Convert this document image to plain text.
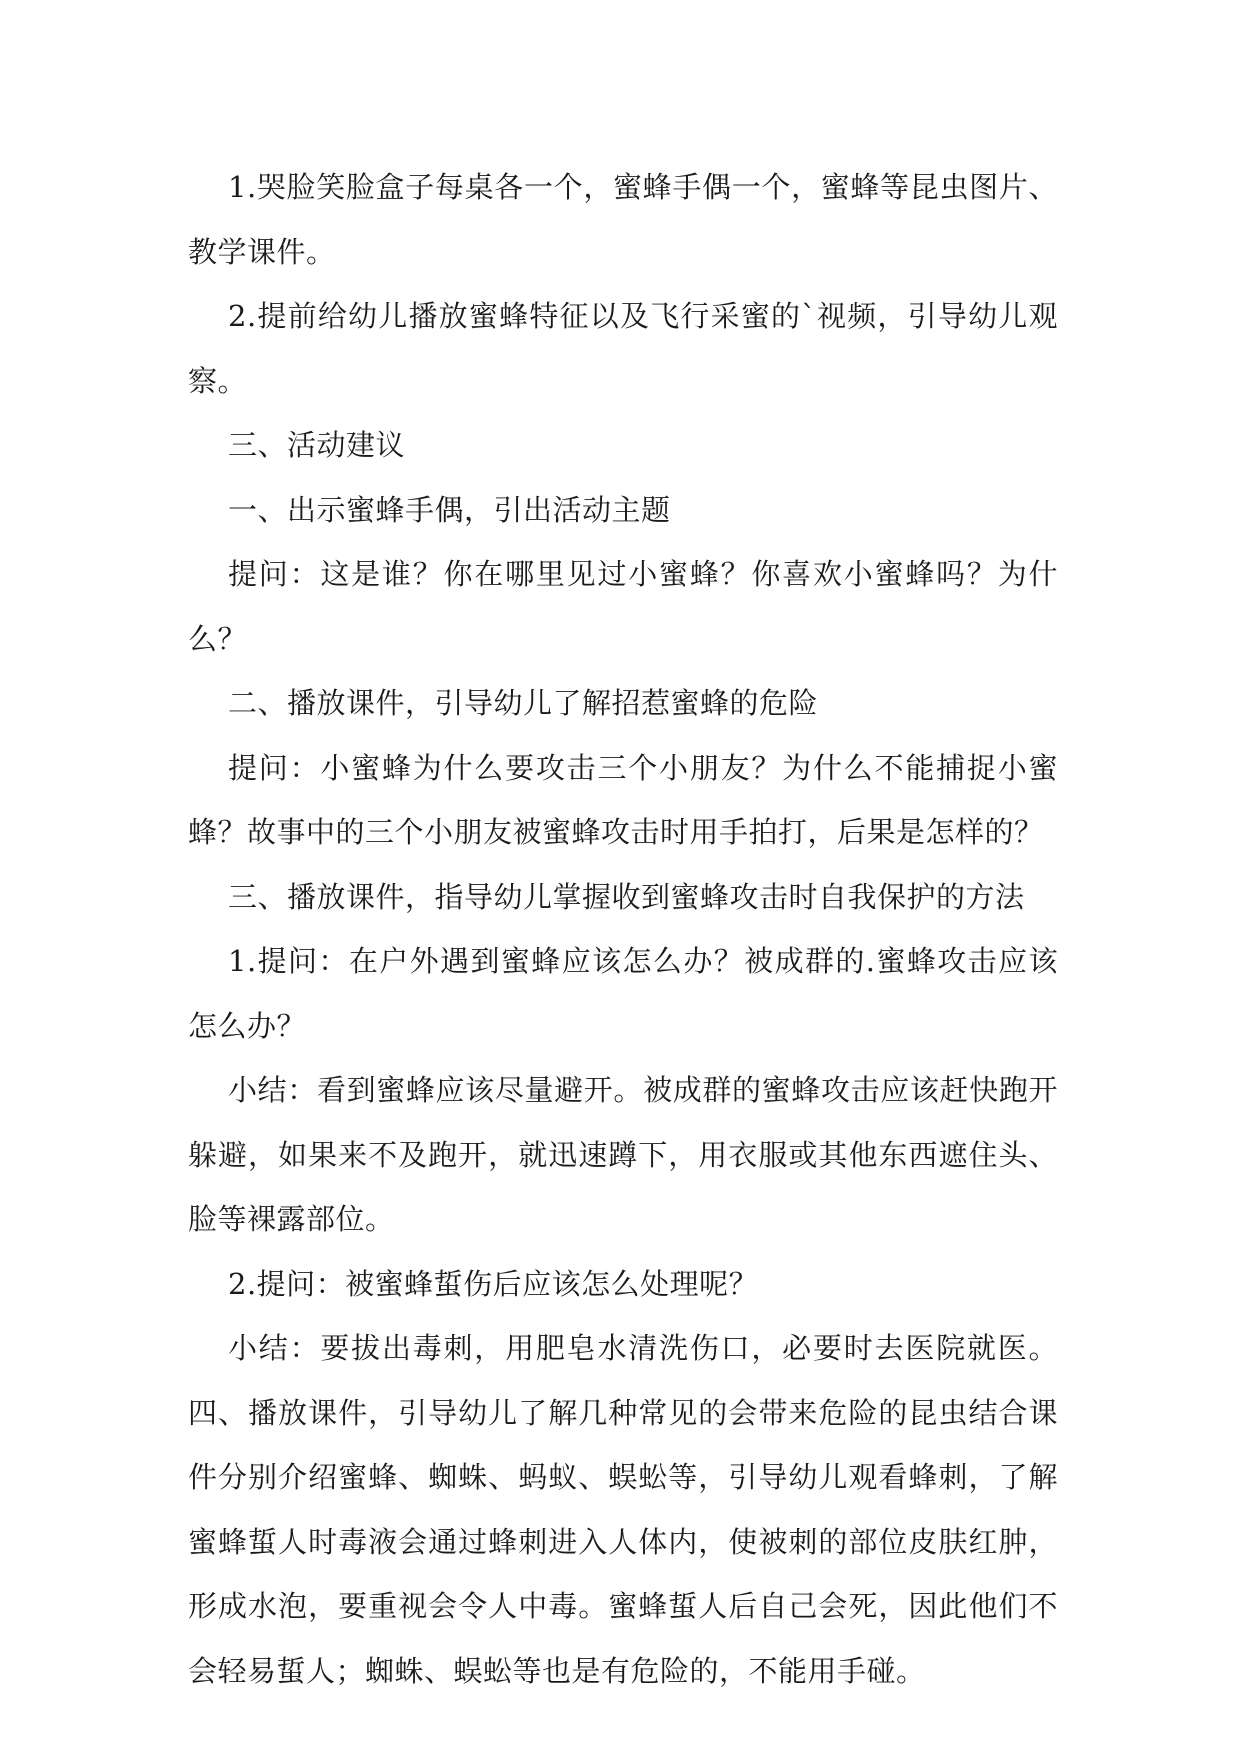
1.哭脸笑脸盒子每桌各一个，蜜蜂手偶一个，蜜蜂等昆虫图片、教学课件。

2.提前给幼儿播放蜜蜂特征以及飞行采蜜的`视频，引导幼儿观察。

三、活动建议

一、出示蜜蜂手偶，引出活动主题

提问：这是谁？你在哪里见过小蜜蜂？你喜欢小蜜蜂吗？为什么？

二、播放课件，引导幼儿了解招惹蜜蜂的危险

提问：小蜜蜂为什么要攻击三个小朋友？为什么不能捕捉小蜜蜂？故事中的三个小朋友被蜜蜂攻击时用手拍打，后果是怎样的？

三、播放课件，指导幼儿掌握收到蜜蜂攻击时自我保护的方法

1.提问：在户外遇到蜜蜂应该怎么办？被成群的.蜜蜂攻击应该怎么办？

小结：看到蜜蜂应该尽量避开。被成群的蜜蜂攻击应该赶快跑开躲避，如果来不及跑开，就迅速蹲下，用衣服或其他东西遮住头、脸等裸露部位。

2.提问：被蜜蜂蜇伤后应该怎么处理呢？

小结：要拔出毒刺，用肥皂水清洗伤口，必要时去医院就医。四、播放课件，引导幼儿了解几种常见的会带来危险的昆虫结合课件分别介绍蜜蜂、蜘蛛、蚂蚁、蜈蚣等，引导幼儿观看蜂刺，了解蜜蜂蜇人时毒液会通过蜂刺进入人体内，使被刺的部位皮肤红肿，形成水泡，要重视会令人中毒。蜜蜂蜇人后自己会死，因此他们不会轻易蜇人；蜘蛛、蜈蚣等也是有危险的，不能用手碰。
